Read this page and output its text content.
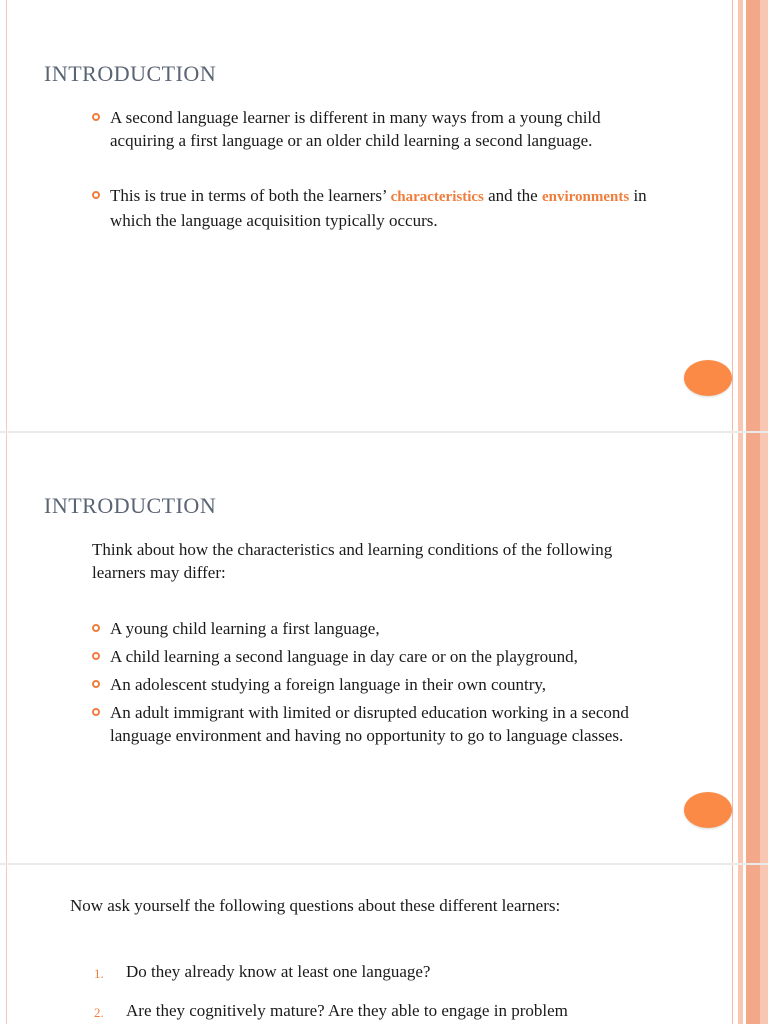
INTRODUCTION
A second language learner is different in many ways from a young child acquiring a first language or an older child learning a second language.
This is true in terms of both the learners’ characteristics and the environments in which the language acquisition typically occurs.
INTRODUCTION

Think about how the characteristics and learning conditions of the following learners may differ:

A young child learning a first language,
A child learning a second language in day care or on the playground,
An adolescent studying a foreign language in their own country,
An adult immigrant with limited or disrupted education working in a second language environment and having no opportunity to go to language classes.

Now ask yourself the following questions about these different learners:

1. Do they already know at least one language?
2. Are they cognitively mature? Are they able to engage in problem
